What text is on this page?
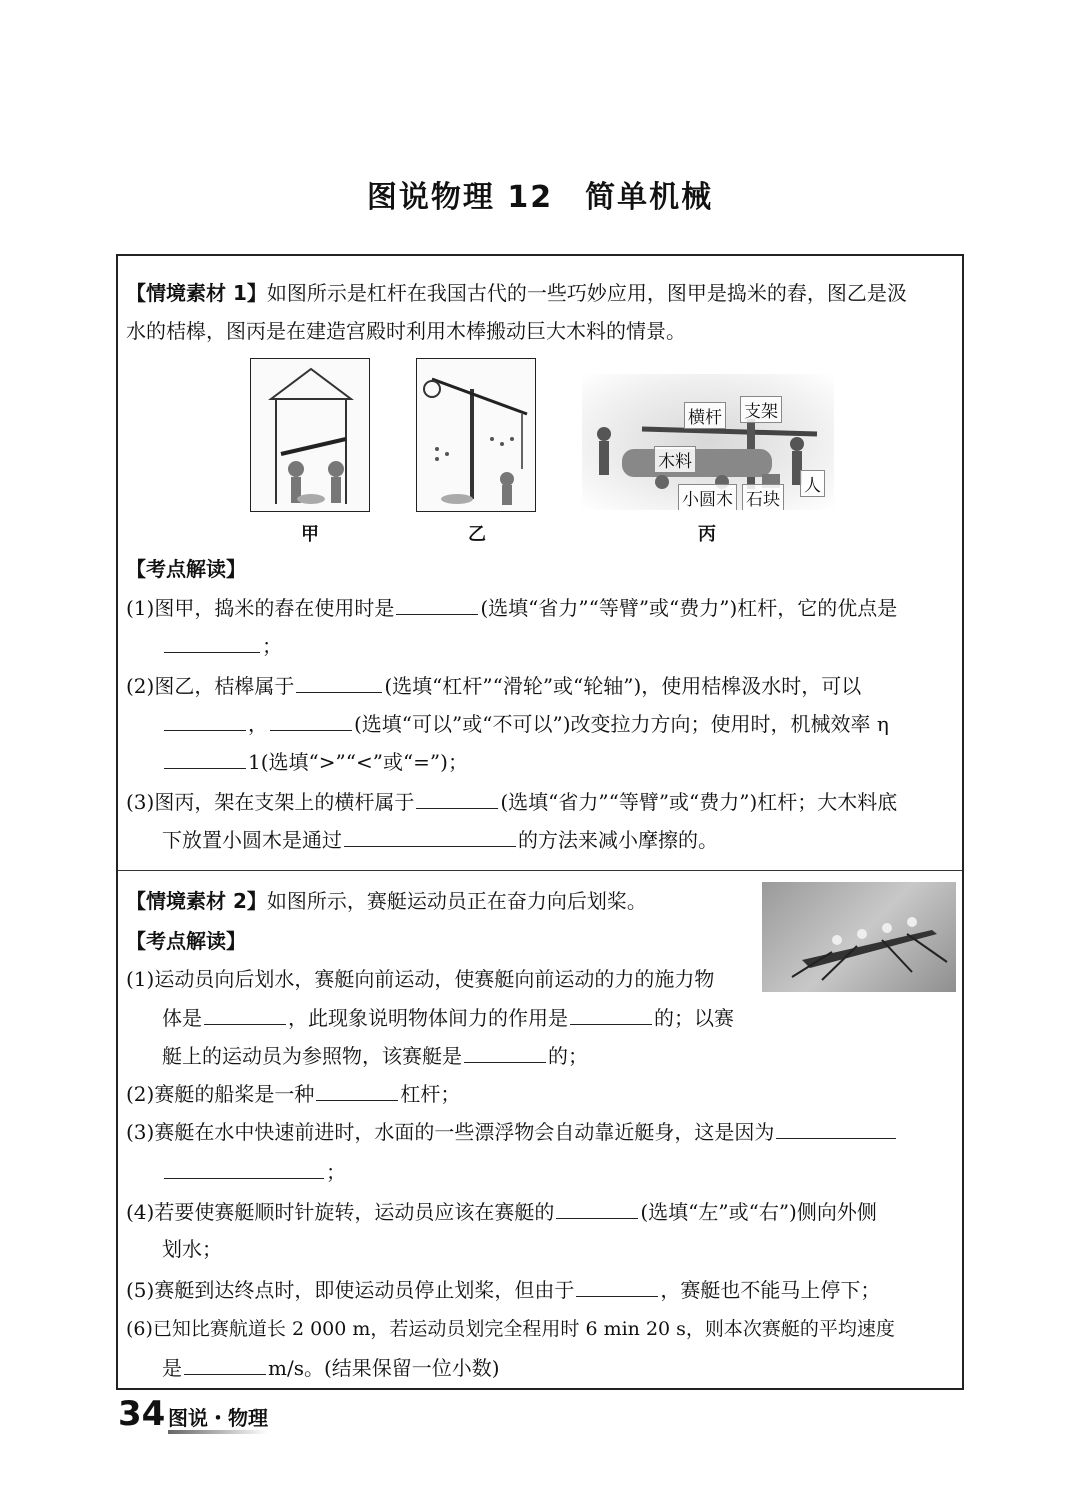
图说物理 12　简单机械
【情境素材 1】如图所示是杠杆在我国古代的一些巧妙应用，图甲是捣米的舂，图乙是汲
水的桔槔，图丙是在建造宫殿时利用木棒搬动巨大木料的情景。
横杆 支架
木料
小圆木 石块
人
甲	乙	丙
【考点解读】
(1)图甲，捣米的舂在使用时是	(选填“省力”“等臂”或“费力”)杠杆，它的优点是
；
(2)图乙，桔槔属于	(选填“杠杆”“滑轮”或“轮轴”)，使用桔槔汲水时，可以
，	(选填“可以”或“不可以”)改变拉力方向；使用时，机械效率 η
1(选填“>”“<”或“=”)；
(3)图丙，架在支架上的横杆属于	(选填“省力”“等臂”或“费力”)杠杆；大木料底
下放置小圆木是通过	的方法来减小摩擦的。
【情境素材 2】如图所示，赛艇运动员正在奋力向后划桨。
【考点解读】
(1)运动员向后划水，赛艇向前运动，使赛艇向前运动的力的施力物
体是	，此现象说明物体间力的作用是	的；以赛
艇上的运动员为参照物，该赛艇是	的；
(2)赛艇的船桨是一种	杠杆；
(3)赛艇在水中快速前进时，水面的一些漂浮物会自动靠近艇身，这是因为
；
(4)若要使赛艇顺时针旋转，运动员应该在赛艇的	(选填“左”或“右”)侧向外侧
划水；
(5)赛艇到达终点时，即使运动员停止划桨，但由于	，赛艇也不能马上停下；
(6)已知比赛航道长 2 000 m，若运动员划完全程用时 6 min 20 s，则本次赛艇的平均速度
是	m/s。(结果保留一位小数)
34 图说・物理
